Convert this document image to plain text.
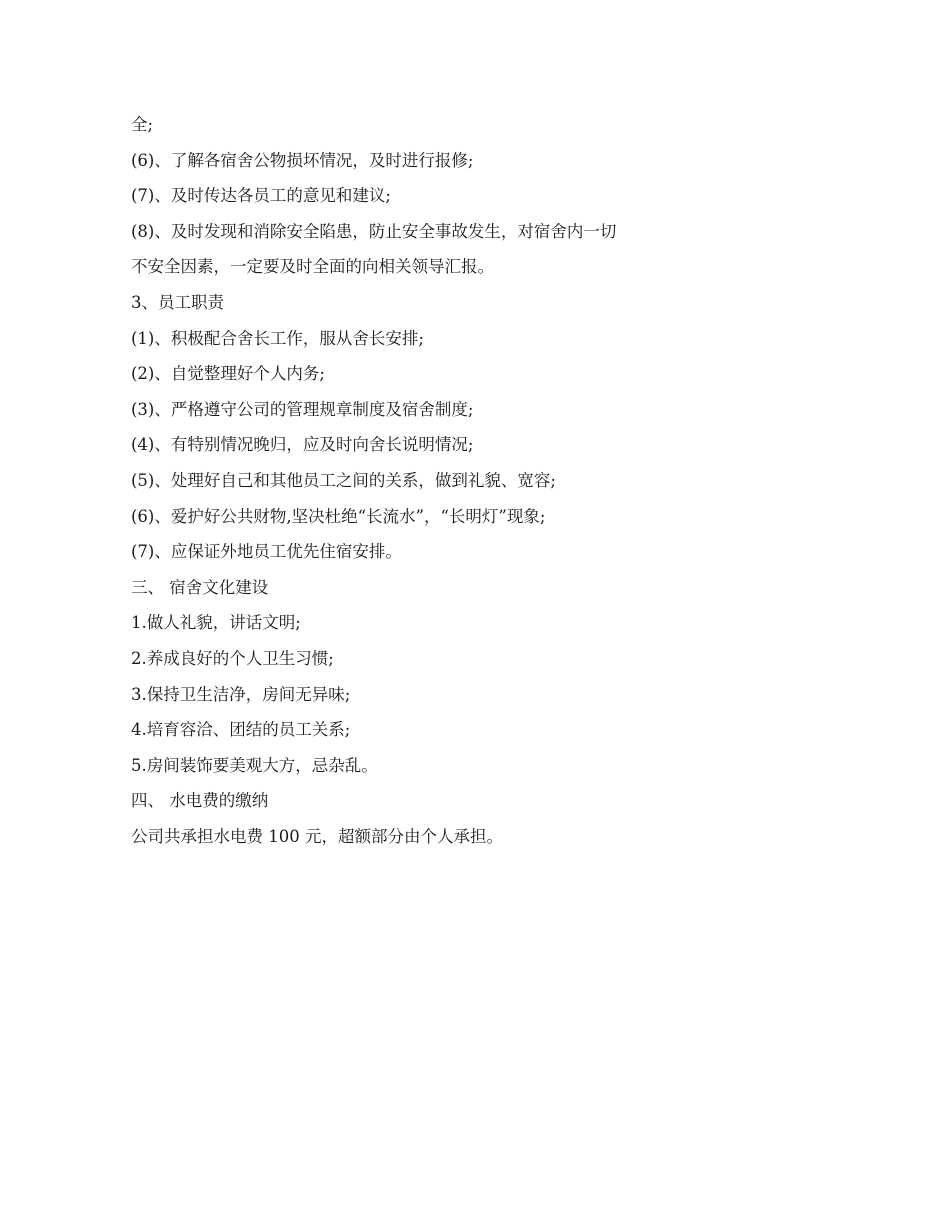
全;

(6)、了解各宿舍公物损坏情况，及时进行报修;

(7)、及时传达各员工的意见和建议;

(8)、及时发现和消除安全陷患，防止安全事故发生，对宿舍内一切

不安全因素，一定要及时全面的向相关领导汇报。

3、员工职责

(1)、积极配合舍长工作，服从舍长安排;

(2)、自觉整理好个人内务;

(3)、严格遵守公司的管理规章制度及宿舍制度;

(4)、有特别情况晚归，应及时向舍长说明情况;

(5)、处理好自己和其他员工之间的关系，做到礼貌、宽容;

(6)、爱护好公共财物,坚决杜绝“长流水”，“长明灯”现象;

(7)、应保证外地员工优先住宿安排。

三、 宿舍文化建设

1.做人礼貌，讲话文明;

2.养成良好的个人卫生习惯;

3.保持卫生洁净，房间无异味;

4.培育容洽、团结的员工关系;

5.房间装饰要美观大方，忌杂乱。

四、 水电费的缴纳

公司共承担水电费 100 元，超额部分由个人承担。
